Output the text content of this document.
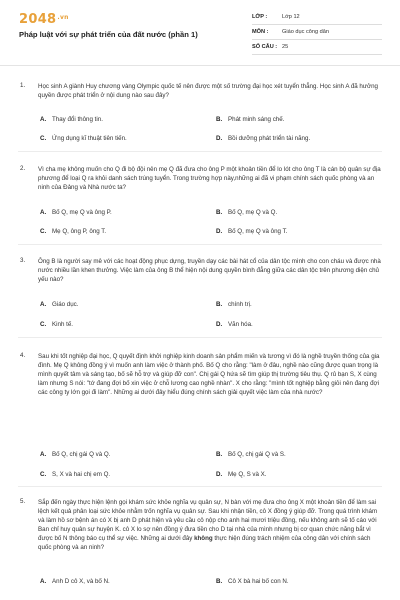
$2048^{.vn}$
Pháp luật với sự phát triển của đất nước (phần 1)
LỚP :	Lớp 12
MÔN : Giáo dục công dân
SỐ CÂU : 25
1. Học sinh A giành Huy chương vàng Olympic quốc tế nên được một số trường đại học xét tuyển thẳng. Học sinh A đã hưởng quyền được phát triển ở nội dung nào sau đây?
A. Thay đổi thông tin.	B. Phát minh sáng chế.
C. Ứng dụng kĩ thuật tiên tiến.	D. Bồi dưỡng phát triển tài năng.
2. Vì cha mẹ không muốn cho Q đi bộ đội nên mẹ Q đã đưa cho ông P một khoản tiền để lo lót cho ông T là cán bộ quân sự địa phương để loại Q ra khỏi danh sách trúng tuyển. Trong trường hợp này,những ai đã vi phạm chính sách quốc phòng và an ninh của Đảng và Nhà nước ta?
A. Bố Q, mẹ Q và ông P.	B. Bố Q, mẹ Q và Q.
C. Mẹ Q, ông P, ông T.	D. Bố Q, mẹ Q và ông T.
3. Ông B là người say mê với các hoạt động phục dựng, truyền dạy các bài hát cổ của dân tộc mình cho con cháu và được nhà nước nhiều lần khen thưởng. Việc làm của ông B thể hiện nội dung quyền bình đẳng giữa các dân tộc trên phương diện chủ yếu nào?
A. Giáo dục.	B. chính trị.
C. Kinh tế.	D. Văn hóa.
4. Sau khi tốt nghiệp đại học, Q quyết định khởi nghiệp kinh doanh sản phẩm miến và tương vì đó là nghề truyền thống của gia đình. Mẹ Q không đồng ý vì muốn anh làm việc ở thành phố. Bố Q cho rằng: "làm ở đâu, nghề nào cũng được quan trọng là mình quyết tâm và sáng tạo, bố sẽ hỗ trợ và giúp đỡ con". Chị gái Q hứa sẽ tìm giúp thị trường tiêu thụ. Q rủ bạn S, X cùng làm nhưng S nói: "tớ đang đợi bố xin việc ở chỗ lương cao nghề nhàn". X cho rằng: "mình tốt nghiệp bằng giỏi nên đang đợi các công ty lớn gọi đi làm". Những ai dưới đây hiểu đúng chính sách giải quyết việc làm của nhà nước?
A. Bố Q, chị gái Q và Q.	B. Bố Q, chị gái Q và S.
C. S, X và hai chị em Q.	D. Mẹ Q, S và X.
5. Sắp đến ngày thực hiện lệnh gọi khám sức khỏe nghĩa vụ quân sự, N bàn với mẹ đưa cho ông X một khoản tiền để làm sai lệch kết quả phân loại sức khỏe nhằm trốn nghĩa vụ quân sự. Sau khi nhận tiền, cô X đồng ý giúp đỡ. Trong quá trình khám và làm hồ sơ bệnh án có X bị anh D phát hiện và yêu cầu cô nộp cho anh hai mươi triệu đồng, nếu không anh sẽ tố cáo với Ban chỉ huy quân sự huyện K. cô X lo sợ nên đồng ý đưa tiền cho D tại nhà của mình nhưng bị cơ quan chức năng bắt vì được bố N thông báo cụ thể sự việc. Những ai dưới đây không thực hiện đúng trách nhiệm của công dân với chính sách quốc phòng và an ninh?
A. Anh D cô X, và bố N.	B. Cô X bà hai bố con N.
